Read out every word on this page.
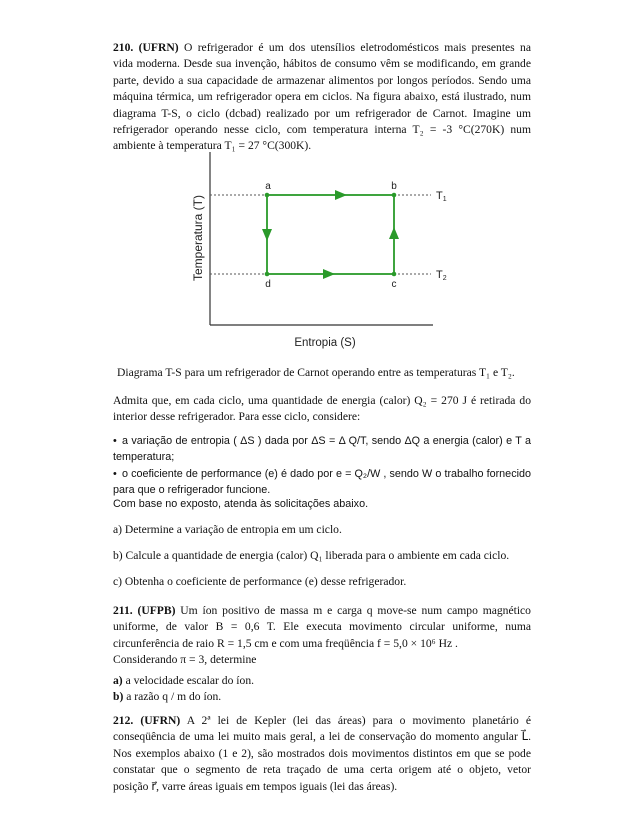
210. (UFRN) O refrigerador é um dos utensílios eletrodomésticos mais presentes na

vida moderna. Desde sua invenção, hábitos de consumo vêm se modificando, em grande

parte, devido a sua capacidade de armazenar alimentos por longos períodos. Sendo uma

máquina térmica, um refrigerador opera em ciclos. Na figura abaixo, está ilustrado, num

diagrama T-S, o ciclo (dcbad) realizado por um refrigerador de Carnot. Imagine um

refrigerador operando nesse ciclo, com temperatura interna T₂ = -3 °C(270K) num

ambiente à temperatura T₁ = 27 °C(300K).

a	b
c
d
T1
T2
Temperatura (T)
Entropia (S)

Diagrama T-S para um refrigerador de Carnot operando entre as temperaturas T₁ e T₂.

Admita que, em cada ciclo, uma quantidade de energia (calor) Q₂ = 270 J é retirada do

interior desse refrigerador. Para esse ciclo, considere:

• a variação de entropia ( ΔS ) dada por ΔS = Δ Q/T, sendo ΔQ a energia (calor) e T a

temperatura;

• o coeficiente de performance (e) é dado por e = Q₂/W , sendo W o trabalho fornecido

para que o refrigerador funcione.

Com base no exposto, atenda às solicitações abaixo.

a) Determine a variação de entropia em um ciclo.

b) Calcule a quantidade de energia (calor) Q₁ liberada para o ambiente em cada ciclo.

c) Obtenha o coeficiente de performance (e) desse refrigerador.

211. (UFPB) Um íon positivo de massa m e carga q move-se num campo magnético

uniforme, de valor B = 0,6 T. Ele executa movimento circular uniforme, numa

circunferência de raio R = 1,5 cm e com uma freqüência f = 5,0 × 10⁶ Hz .

Considerando π = 3, determine

a) a velocidade escalar do íon.

b) a razão q / m do íon.

212. (UFRN) A 2ª lei de Kepler (lei das áreas) para o movimento planetário é

conseqüência de uma lei muito mais geral, a lei de conservação do momento angular L⃗.

Nos exemplos abaixo (1 e 2), são mostrados dois movimentos distintos em que se pode

constatar que o segmento de reta traçado de uma certa origem até o objeto, vetor

posição r⃗, varre áreas iguais em tempos iguais (lei das áreas).
